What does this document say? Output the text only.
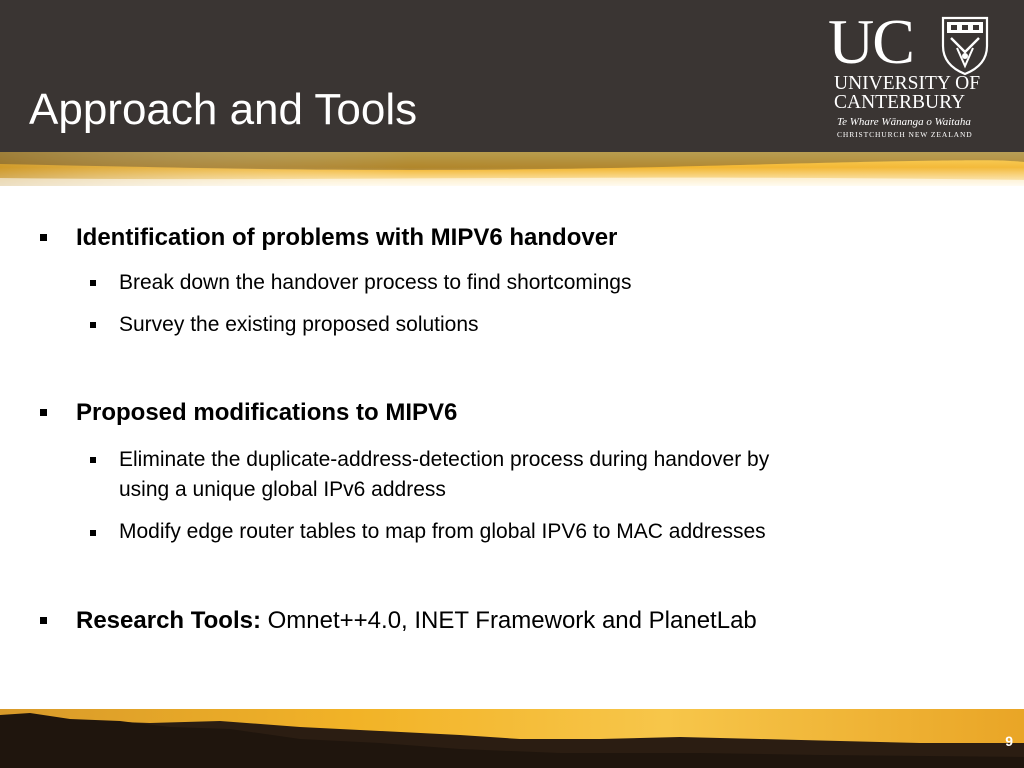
Approach and Tools
UC
UNIVERSITY OF
CANTERBURY
Te Whare Wānanga o Waitaha
CHRISTCHURCH NEW ZEALAND
Identification of problems with MIPV6 handover
Break down the handover process to find shortcomings
Survey the existing proposed solutions
Proposed modifications to MIPV6
Eliminate the duplicate-address-detection process during handover by
using a unique global IPv6 address
Modify edge router tables to map from global IPV6 to MAC addresses
Research Tools: Omnet++4.0, INET Framework and PlanetLab
9
